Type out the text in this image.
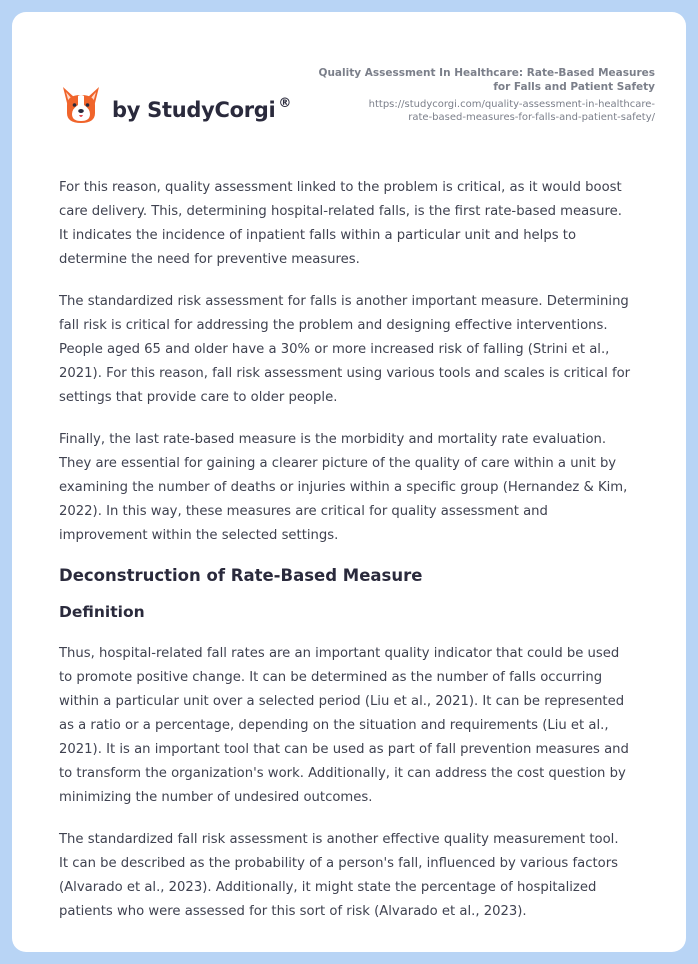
by StudyCorgi ®
Quality Assessment In Healthcare: Rate-Based Measures
for Falls and Patient Safety
https://studycorgi.com/quality-assessment-in-healthcare-
rate-based-measures-for-falls-and-patient-safety/

For this reason, quality assessment linked to the problem is critical, as it would boost
care delivery. This, determining hospital-related falls, is the first rate-based measure.
It indicates the incidence of inpatient falls within a particular unit and helps to
determine the need for preventive measures.

The standardized risk assessment for falls is another important measure. Determining
fall risk is critical for addressing the problem and designing effective interventions.
People aged 65 and older have a 30% or more increased risk of falling (Strini et al.,
2021). For this reason, fall risk assessment using various tools and scales is critical for
settings that provide care to older people.

Finally, the last rate-based measure is the morbidity and mortality rate evaluation.
They are essential for gaining a clearer picture of the quality of care within a unit by
examining the number of deaths or injuries within a specific group (Hernandez & Kim,
2022). In this way, these measures are critical for quality assessment and
improvement within the selected settings.

Deconstruction of Rate-Based Measure
Definition

Thus, hospital-related fall rates are an important quality indicator that could be used
to promote positive change. It can be determined as the number of falls occurring
within a particular unit over a selected period (Liu et al., 2021). It can be represented
as a ratio or a percentage, depending on the situation and requirements (Liu et al.,
2021). It is an important tool that can be used as part of fall prevention measures and
to transform the organization's work. Additionally, it can address the cost question by
minimizing the number of undesired outcomes.

The standardized fall risk assessment is another effective quality measurement tool.
It can be described as the probability of a person's fall, influenced by various factors
(Alvarado et al., 2023). Additionally, it might state the percentage of hospitalized
patients who were assessed for this sort of risk (Alvarado et al., 2023).
